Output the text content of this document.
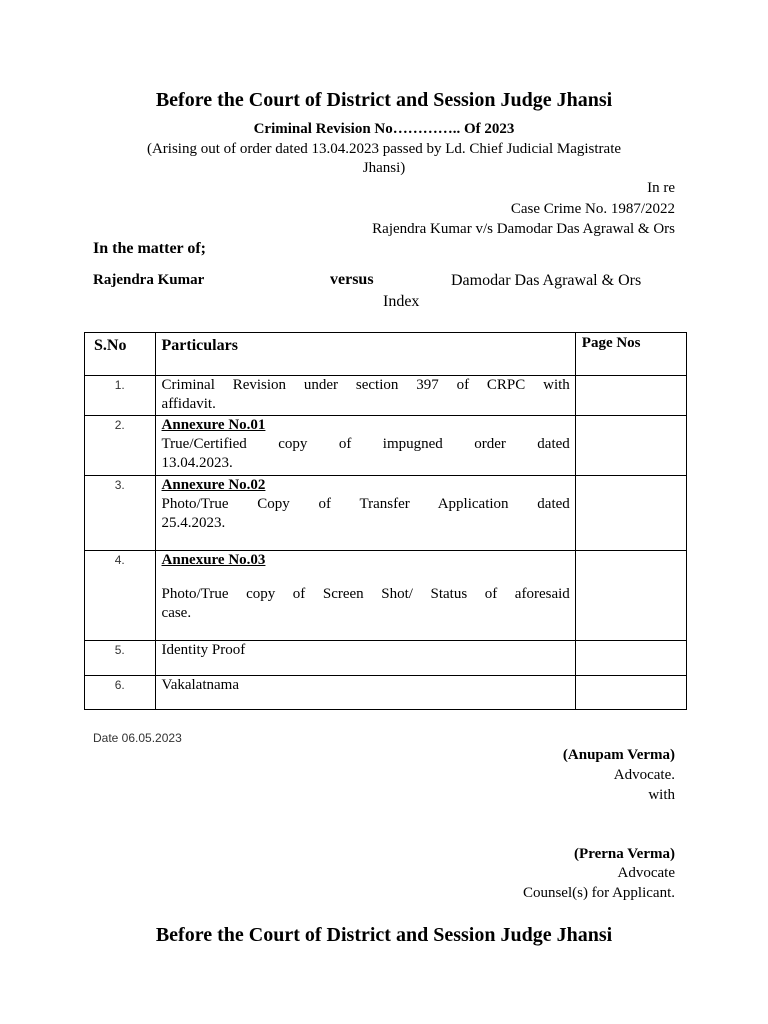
Before the Court of District and Session Judge Jhansi
Criminal Revision No………….. Of 2023
(Arising out of order dated 13.04.2023 passed by Ld. Chief Judicial Magistrate
Jhansi)
In re
Case Crime No. 1987/2022
Rajendra Kumar v/s Damodar Das Agrawal & Ors
In the matter of;
Rajendra Kumar	versus	Damodar Das Agrawal & Ors
Index
S.No	Particulars	Page Nos
1.	Criminal Revision under section 397 of CRPC with
affidavit.	

2.	Annexure No.01
True/Certified copy of impugned order dated
13.04.2023.	

3.	Annexure No.02
Photo/True Copy of Transfer Application dated
25.4.2023.	

4.	Annexure No.03
Photo/True copy of Screen Shot/ Status of aforesaid
case.	

5.	Identity Proof	

6.	Vakalatnama	

Date 06.05.2023
(Anupam Verma)
Advocate.
with
(Prerna Verma)
Advocate
Counsel(s) for Applicant.
Before the Court of District and Session Judge Jhansi
